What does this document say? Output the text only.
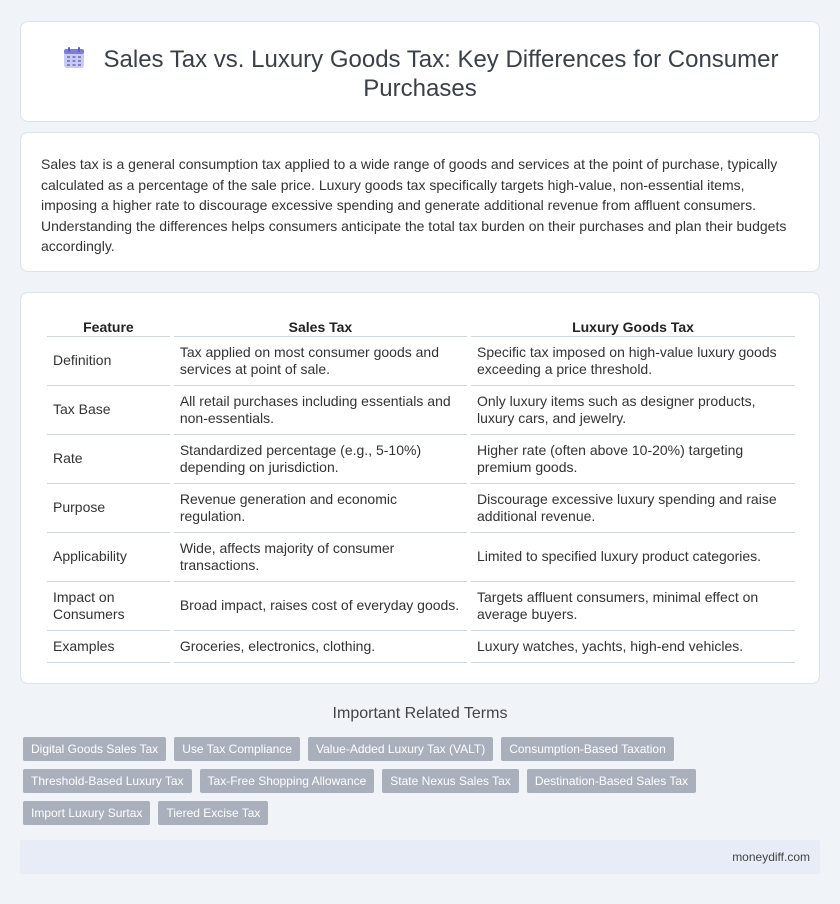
Sales Tax vs. Luxury Goods Tax: Key Differences for Consumer Purchases

Sales tax is a general consumption tax applied to a wide range of goods and services at the point of purchase, typically calculated as a percentage of the sale price. Luxury goods tax specifically targets high-value, non-essential items, imposing a higher rate to discourage excessive spending and generate additional revenue from affluent consumers. Understanding the differences helps consumers anticipate the total tax burden on their purchases and plan their budgets accordingly.

Feature	Sales Tax	Luxury Goods Tax
Definition	Tax applied on most consumer goods and services at point of sale.	Specific tax imposed on high-value luxury goods exceeding a price threshold.
Tax Base	All retail purchases including essentials and non-essentials.	Only luxury items such as designer products, luxury cars, and jewelry.
Rate	Standardized percentage (e.g., 5-10%) depending on jurisdiction.	Higher rate (often above 10-20%) targeting premium goods.
Purpose	Revenue generation and economic regulation.	Discourage excessive luxury spending and raise additional revenue.
Applicability	Wide, affects majority of consumer transactions.	Limited to specified luxury product categories.
Impact on Consumers	Broad impact, raises cost of everyday goods.	Targets affluent consumers, minimal effect on average buyers.
Examples	Groceries, electronics, clothing.	Luxury watches, yachts, high-end vehicles.
Important Related Terms
Digital Goods Sales Tax	Use Tax Compliance	Value-Added Luxury Tax (VALT)	Consumption-Based Taxation
Threshold-Based Luxury Tax	Tax-Free Shopping Allowance	State Nexus Sales Tax	Destination-Based Sales Tax
Import Luxury Surtax	Tiered Excise Tax
moneydiff.com
